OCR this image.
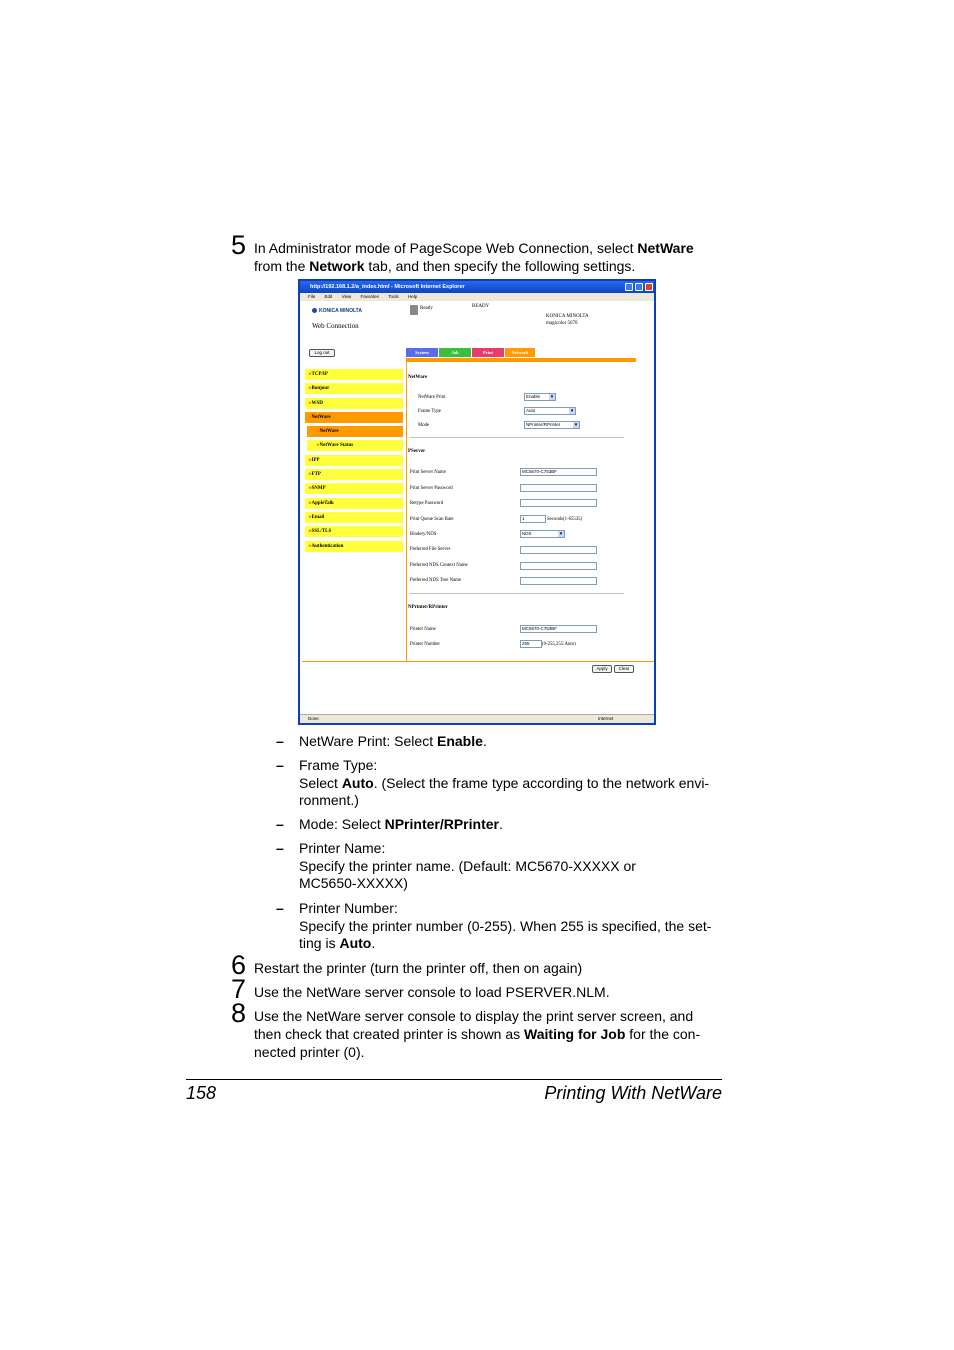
5 In Administrator mode of PageScope Web Connection, select NetWare from the Network tab, and then specify the following settings.
http://192.168.1.2/a_index.html - Microsoft Internet Explorer
File Edit View Favorites Tools Help
KONICA MINOLTA
Web Connection
Ready	READY
KONICA MINOLTA
magicolor 5670
Log out	System	Job	Print	Network
▸ TCP/IP
▸ Bonjour
▸ WSD
▸ NetWare
▸ NetWare
▸ NetWare Status
▸ IPP
▸ FTP
▸ SNMP
▸ AppleTalk
▸ Email
▸ SSL/TLS
▸ Authentication
NetWare
NetWare Print	Enable ▾
Frame Type	Auto ▾
Mode	NPrinter/RPrinter ▾
PServer
Print Server Name	MC5670-C753BF
Print Server Password
Retype Password
Print Queue Scan Rate	1	Seconds(1-65535)
Bindery/NDS	NDS ▾
Preferred File Server
Preferred NDS Context Name
Preferred NDS Tree Name
NPrinter/RPrinter
Printer Name	MC5670-C753BF
Printer Number	255	(0-255,255:Auto)
Apply	Clear
Done	Internet
– NetWare Print: Select Enable.
– Frame Type:
Select Auto. (Select the frame type according to the network envi-ronment.)
– Mode: Select NPrinter/RPrinter.
– Printer Name:
Specify the printer name. (Default: MC5670-XXXXX or MC5650-XXXXX)
– Printer Number:
Specify the printer number (0-255). When 255 is specified, the set-ting is Auto.
6 Restart the printer (turn the printer off, then on again)
7 Use the NetWare server console to load PSERVER.NLM.
8 Use the NetWare server console to display the print server screen, and then check that created printer is shown as Waiting for Job for the con-nected printer (0).
158	Printing With NetWare
